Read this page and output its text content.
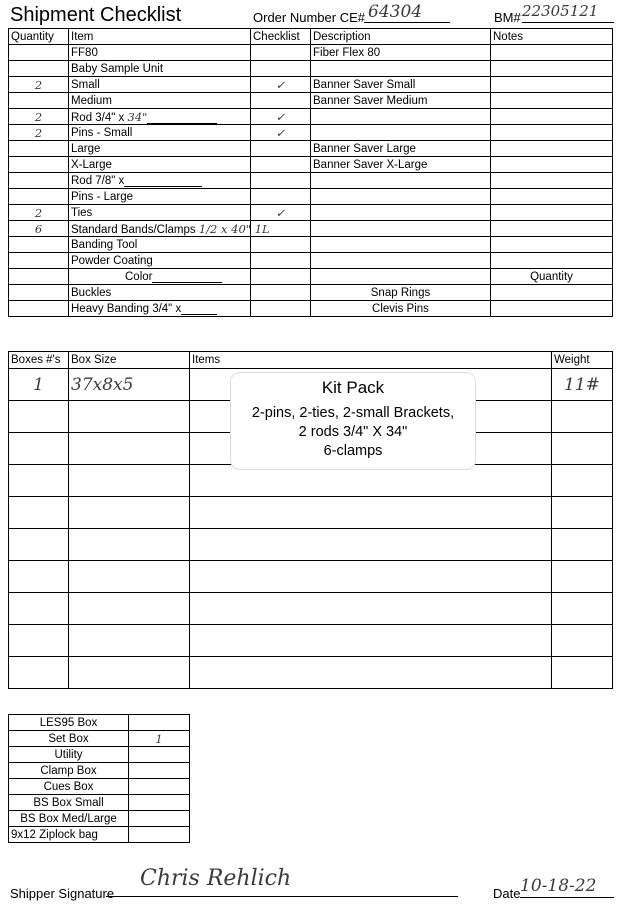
Shipment Checklist	Order Number CE# 64304	BM# 22305121
Quantity	Item	Checklist	Description	Notes
	FF80		Fiber Flex 80	
	Baby Sample Unit			
2	Small	✓	Banner Saver Small	
	Medium		Banner Saver Medium	
2	Rod 3/4" x 34"	✓		
2	Pins - Small	✓		
	Large		Banner Saver Large	
	X-Large		Banner Saver X-Large	
	Rod 7/8" x			
	Pins - Large			
2	Ties	✓		
6	Standard Bands/Clamps 1/2 x 40" 1L			
	Banding Tool			
	Powder Coating			
	Color			Quantity
	Buckles		Snap Rings	
	Heavy Banding 3/4" x		Clevis Pins	
Boxes #'s	Box Size	Items	Weight
1	37x8x5		11#

Kit Pack
2-pins, 2-ties, 2-small Brackets,
2 rods 3/4" X 34"
6-clamps
LES95 Box	
Set Box	1
Utility	
Clamp Box	
Cues Box	
BS Box Small	
BS Box Med/Large	
9x12 Ziplock bag	
Shipper Signature
Chris Rehlich
Date 10-18-22
